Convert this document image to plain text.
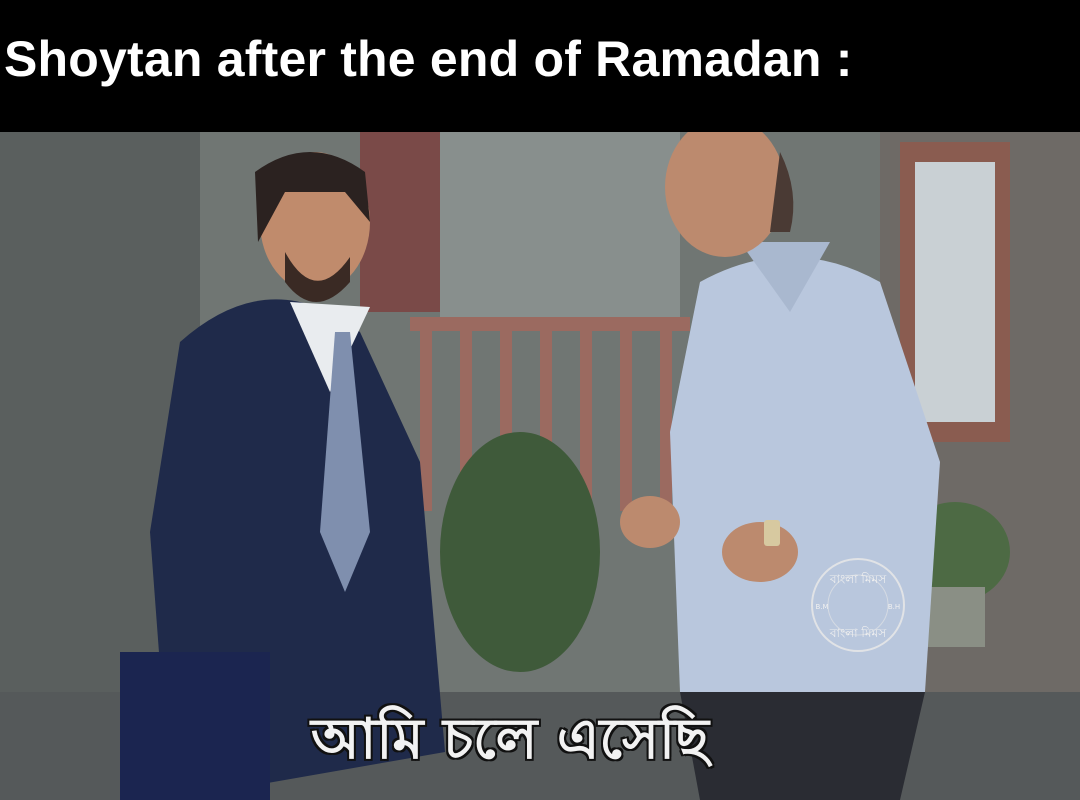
Shoytan after the end of Ramadan :
বাংলা মিমস
বাংলা মিমস
B.M	B.H
আমি চলে এসেছি
